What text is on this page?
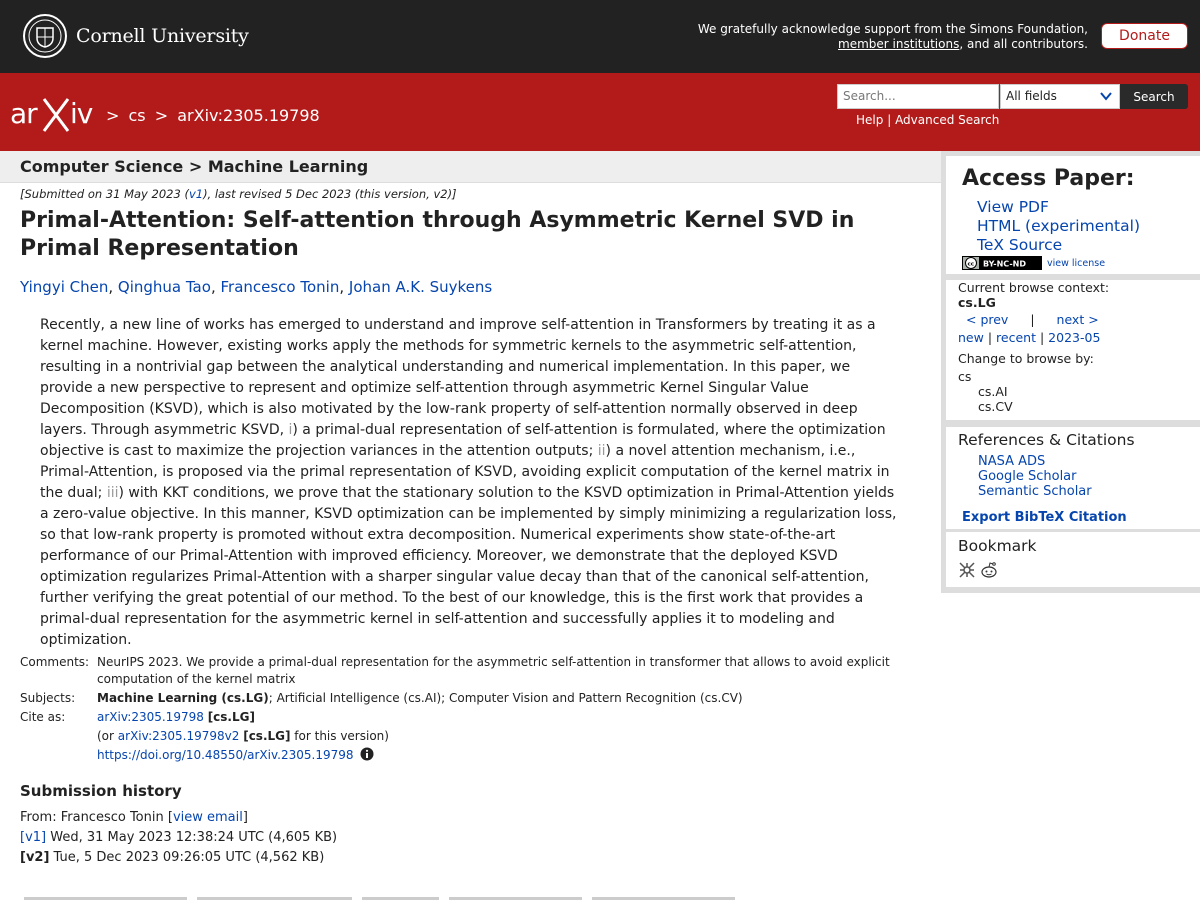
Cornell University	We gratefully acknowledge support from the Simons Foundation,
member institutions, and all contributors.	Donate
ar iv > cs > arXiv:2305.19798
Search...	All fields	Search
Help | Advanced Search
Computer Science > Machine Learning
[Submitted on 31 May 2023 (v1), last revised 5 Dec 2023 (this version, v2)]
Primal-Attention: Self-attention through Asymmetric Kernel SVD in Primal Representation
Yingyi Chen, Qinghua Tao, Francesco Tonin, Johan A.K. Suykens
Recently, a new line of works has emerged to understand and improve self-attention in Transformers by treating it as a kernel machine. However, existing works apply the methods for symmetric kernels to the asymmetric self-attention, resulting in a nontrivial gap between the analytical understanding and numerical implementation. In this paper, we provide a new perspective to represent and optimize self-attention through asymmetric Kernel Singular Value Decomposition (KSVD), which is also motivated by the low-rank property of self-attention normally observed in deep layers. Through asymmetric KSVD, i) a primal-dual representation of self-attention is formulated, where the optimization objective is cast to maximize the projection variances in the attention outputs; ii) a novel attention mechanism, i.e., Primal-Attention, is proposed via the primal representation of KSVD, avoiding explicit computation of the kernel matrix in the dual; iii) with KKT conditions, we prove that the stationary solution to the KSVD optimization in Primal-Attention yields a zero-value objective. In this manner, KSVD optimization can be implemented by simply minimizing a regularization loss, so that low-rank property is promoted without extra decomposition. Numerical experiments show state-of-the-art performance of our Primal-Attention with improved efficiency. Moreover, we demonstrate that the deployed KSVD optimization regularizes Primal-Attention with a sharper singular value decay than that of the canonical self-attention, further verifying the great potential of our method. To the best of our knowledge, this is the first work that provides a primal-dual representation for the asymmetric kernel in self-attention and successfully applies it to modeling and optimization.
Comments: NeurIPS 2023. We provide a primal-dual representation for the asymmetric self-attention in transformer that allows to avoid explicit computation of the kernel matrix
Subjects:	Machine Learning (cs.LG); Artificial Intelligence (cs.AI); Computer Vision and Pattern Recognition (cs.CV)
Cite as:	arXiv:2305.19798 [cs.LG]
(or arXiv:2305.19798v2 [cs.LG] for this version)
https://doi.org/10.48550/arXiv.2305.19798
Submission history
From: Francesco Tonin [view email]
[v1] Wed, 31 May 2023 12:38:24 UTC (4,605 KB)
[v2] Tue, 5 Dec 2023 09:26:05 UTC (4,562 KB)
Access Paper:
View PDF
HTML (experimental)
TeX Source
cc BY-NC-ND view license
Current browse context:
cs.LG
< prev | next >
new | recent | 2023-05
Change to browse by:
cs
cs.AI
cs.CV
References & Citations
NASA ADS
Google Scholar
Semantic Scholar
Export BibTeX Citation
Bookmark
